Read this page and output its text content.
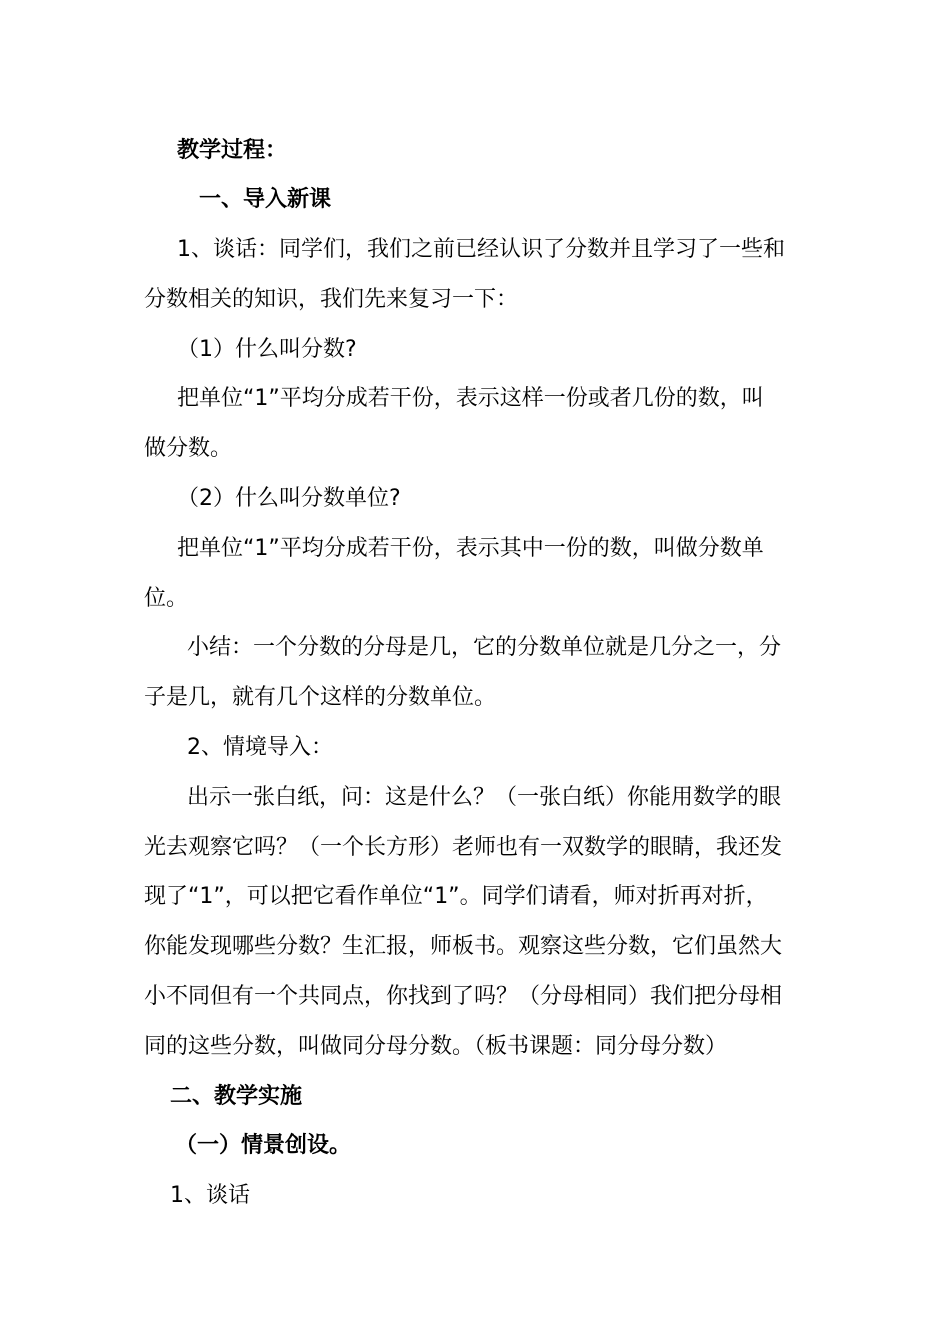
教学过程：
一、导入新课
1、谈话：同学们，我们之前已经认识了分数并且学习了一些和
分数相关的知识，我们先来复习一下：
（1）什么叫分数?
把单位“1”平均分成若干份，表示这样一份或者几份的数，叫
做分数。
（2）什么叫分数单位?
把单位“1”平均分成若干份，表示其中一份的数，叫做分数单
位。
小结：一个分数的分母是几，它的分数单位就是几分之一，分
子是几，就有几个这样的分数单位。
2、情境导入：
出示一张白纸，问：这是什么？（一张白纸）你能用数学的眼
光去观察它吗？（一个长方形）老师也有一双数学的眼睛，我还发
现了“1”，可以把它看作单位“1”。同学们请看，师对折再对折，
你能发现哪些分数？生汇报，师板书。观察这些分数，它们虽然大
小不同但有一个共同点，你找到了吗？（分母相同）我们把分母相
同的这些分数，叫做同分母分数。（板书课题：同分母分数）
二、教学实施
（一）情景创设。
1、谈话
